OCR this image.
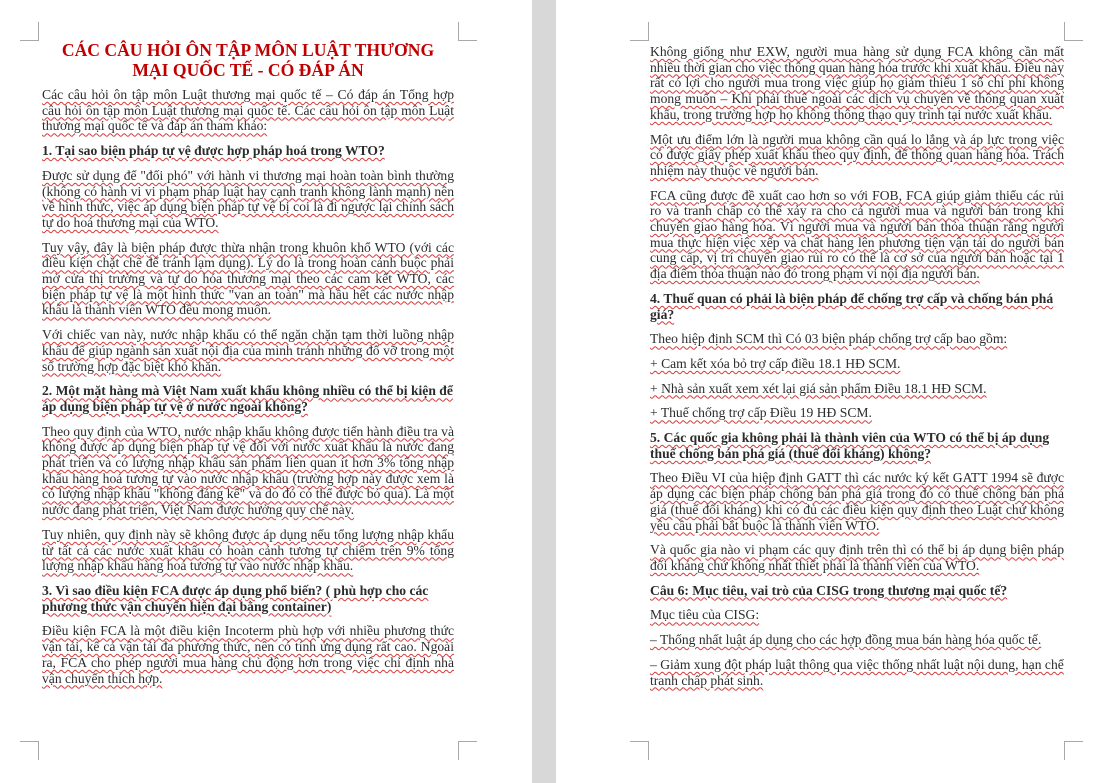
CÁC CÂU HỎI ÔN TẬP MÔN LUẬT THƯƠNG MẠI QUỐC TẾ - CÓ ĐÁP ÁN

Các câu hỏi ôn tập môn Luật thương mại quốc tế – Có đáp án Tổng hợp câu hỏi ôn tập môn Luật thương mại quốc tế. Các câu hỏi ôn tập môn Luật thương mại quốc tế và đáp án tham khảo:

1. Tại sao biện pháp tự vệ được hợp pháp hoá trong WTO?

Được sử dụng để "đối phó" với hành vi thương mại hoàn toàn bình thường (không có hành vi vi phạm pháp luật hay cạnh tranh không lành mạnh) nên về hình thức, việc áp dụng biện pháp tự vệ bị coi là đi ngược lại chính sách tự do hoá thương mại của WTO.

Tuy vậy, đây là biện pháp được thừa nhận trong khuôn khổ WTO (với các điều kiện chặt chẽ để tránh lạm dụng). Lý do là trong hoàn cảnh buộc phải mở cửa thị trường và tự do hóa thương mại theo các cam kết WTO, các biện pháp tự vệ là một hình thức "van an toàn" mà hầu hết các nước nhập khẩu là thành viên WTO đều mong muốn.

Với chiếc van này, nước nhập khẩu có thể ngăn chặn tạm thời luồng nhập khẩu để giúp ngành sản xuất nội địa của mình tránh những đổ vỡ trong một số trường hợp đặc biệt khó khăn.

2. Một mặt hàng mà Việt Nam xuất khẩu không nhiều có thể bị kiện để áp dụng biện pháp tự vệ ở nước ngoài không?

Theo quy định của WTO, nước nhập khẩu không được tiến hành điều tra và không được áp dụng biện pháp tự vệ đối với nước xuất khẩu là nước đang phát triển và có lượng nhập khẩu sản phẩm liên quan ít hơn 3% tổng nhập khẩu hàng hoá tương tự vào nước nhập khẩu (trường hợp này được xem là có lượng nhập khẩu "không đáng kể" và do đó có thể được bỏ qua). Là một nước đang phát triển, Việt Nam được hưởng quy chế này.

Tuy nhiên, quy định này sẽ không được áp dụng nếu tổng lượng nhập khẩu từ tất cả các nước xuất khẩu có hoàn cảnh tương tự chiếm trên 9% tổng lượng nhập khẩu hàng hoá tương tự vào nước nhập khẩu.

3. Vì sao điều kiện FCA được áp dụng phổ biến? ( phù hợp cho các phương thức vận chuyển hiện đại bằng container)

Điều kiện FCA là một điều kiện Incoterm phù hợp với nhiều phương thức vận tải, kể cả vận tải đa phương thức, nên có tính ứng dụng rất cao. Ngoài ra, FCA cho phép người mua hàng chủ động hơn trong việc chỉ định nhà vận chuyển thích hợp.

Không giống như EXW, người mua hàng sử dụng FCA không cần mất nhiều thời gian cho việc thông quan hàng hóa trước khi xuất khẩu. Điều này rất có lợi cho người mua trong việc giúp họ giảm thiểu 1 số chi phí không mong muốn – Khi phải thuê ngoài các dịch vụ chuyên về thông quan xuất khẩu, trong trường hợp họ không thông thạo quy trình tại nước xuất khẩu.

Một ưu điểm lớn là người mua không cần quá lo lắng và áp lực trong việc có được giấy phép xuất khẩu theo quy định, để thông quan hàng hóa. Trách nhiệm này thuộc về người bán.

FCA cũng được đề xuất cao hơn so với FOB, FCA giúp giảm thiểu các rủi ro và tranh chấp có thể xảy ra cho cả người mua và người bán trong khi chuyển giao hàng hóa. Vì người mua và người bán thỏa thuận rằng người mua thực hiện việc xếp và chất hàng lên phương tiện vận tải do người bán cung cấp, vị trí chuyển giao rủi ro có thể là cơ sở của người bán hoặc tại 1 địa điểm thỏa thuận nào đó trong phạm vi nội địa người bán.

4. Thuế quan có phải là biện pháp để chống trợ cấp và chống bán phá giá?

Theo hiệp định SCM thì Có 03 biện pháp chống trợ cấp bao gồm:

+ Cam kết xóa bỏ trợ cấp điều 18.1 HĐ SCM.
+ Nhà sản xuất xem xét lại giá sản phẩm Điều 18.1 HĐ SCM.
+ Thuế chống trợ cấp Điều 19 HĐ SCM.
5. Các quốc gia không phải là thành viên của WTO có thể bị áp dụng thuế chống bán phá giá (thuế đối kháng) không?

Theo Điều VI của hiệp định GATT thì các nước ký kết GATT 1994 sẽ được áp dụng các biện pháp chống bán phá giá trong đó có thuế chống bán phá giá (thuế đối kháng) khi có đủ các điều kiện quy định theo Luật chứ không yêu cầu phải bắt buộc là thành viên WTO.

Và quốc gia nào vi phạm các quy định trên thì có thể bị áp dụng biện pháp đối kháng chứ không nhất thiết phải là thành viên của WTO.

Câu 6: Mục tiêu, vai trò của CISG trong thương mại quốc tế?

Mục tiêu của CISG:

– Thống nhất luật áp dụng cho các hợp đồng mua bán hàng hóa quốc tế.
– Giảm xung đột pháp luật thông qua việc thống nhất luật nội dung, hạn chế tranh chấp phát sinh.
